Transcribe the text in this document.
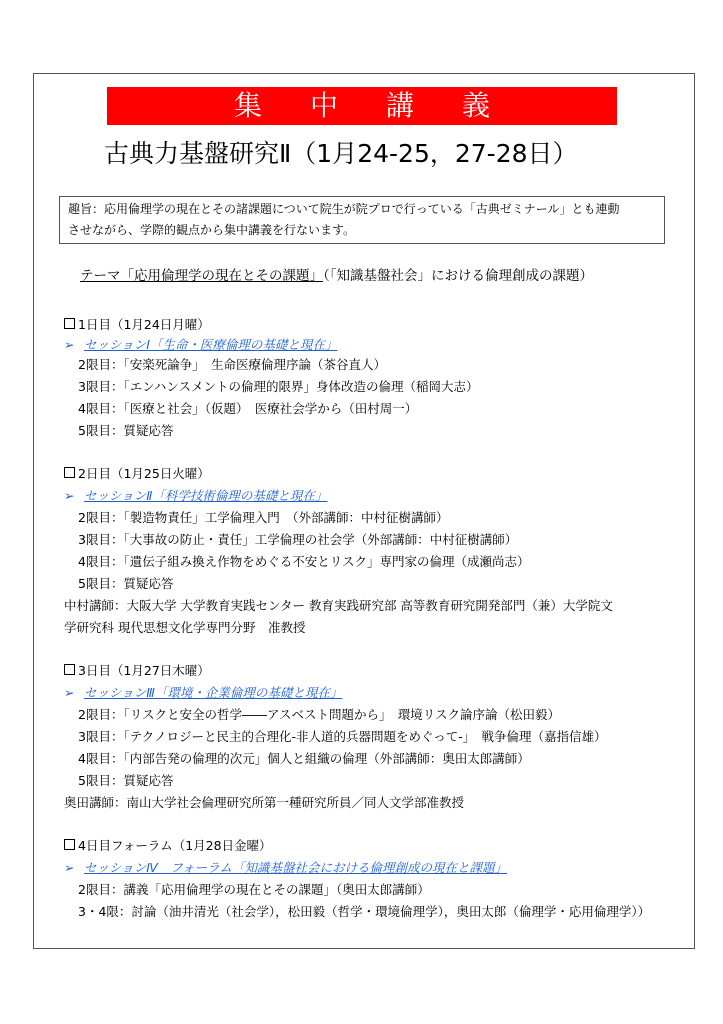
集中講義
古典力基盤研究Ⅱ（1月24-25，27-28日）
趣旨：応用倫理学の現在とその諸課題について院生が院プロで行っている「古典ゼミナール」とも連動
させながら、学際的観点から集中講義を行ないます。
テーマ「応用倫理学の現在とその課題」（「知識基盤社会」における倫理創成の課題）
1日目（1月24日月曜）
➢ セッションⅠ「生命・医療倫理の基礎と現在」
2限目：「安楽死論争」　生命医療倫理序論（茶谷直人）
3限目：「エンハンスメントの倫理的限界」身体改造の倫理（稲岡大志）
4限目：「医療と社会」（仮題）　医療社会学から（田村周一）
5限目：質疑応答
2日目（1月25日火曜）
➢ セッションⅡ「科学技術倫理の基礎と現在」
2限目：「製造物責任」工学倫理入門　（外部講師：中村征樹講師）
3限目：「大事故の防止・責任」工学倫理の社会学（外部講師：中村征樹講師）
4限目：「遺伝子組み換え作物をめぐる不安とリスク」専門家の倫理（成瀬尚志）
5限目：質疑応答
中村講師：大阪大学 大学教育実践センター 教育実践研究部 高等教育研究開発部門（兼）大学院文
学研究科 現代思想文化学専門分野　准教授
3日目（1月27日木曜）
➢ セッションⅢ「環境・企業倫理の基礎と現在」
2限目：「リスクと安全の哲学――アスベスト問題から」　環境リスク論序論（松田毅）
3限目：「テクノロジーと民主的合理化‐非人道的兵器問題をめぐって‐」　戦争倫理（嘉指信雄）
4限目：「内部告発の倫理的次元」個人と組織の倫理（外部講師：奥田太郎講師）
5限目：質疑応答
奥田講師：南山大学社会倫理研究所第一種研究所員／同人文学部准教授
4日目フォーラム（1月28日金曜）
➢ セッションⅣ　フォーラム「知識基盤社会における倫理創成の現在と課題」
2限目：講義「応用倫理学の現在とその課題」（奥田太郎講師）
3・4限：討論（油井清光（社会学），松田毅（哲学・環境倫理学），奥田太郎（倫理学・応用倫理学））
